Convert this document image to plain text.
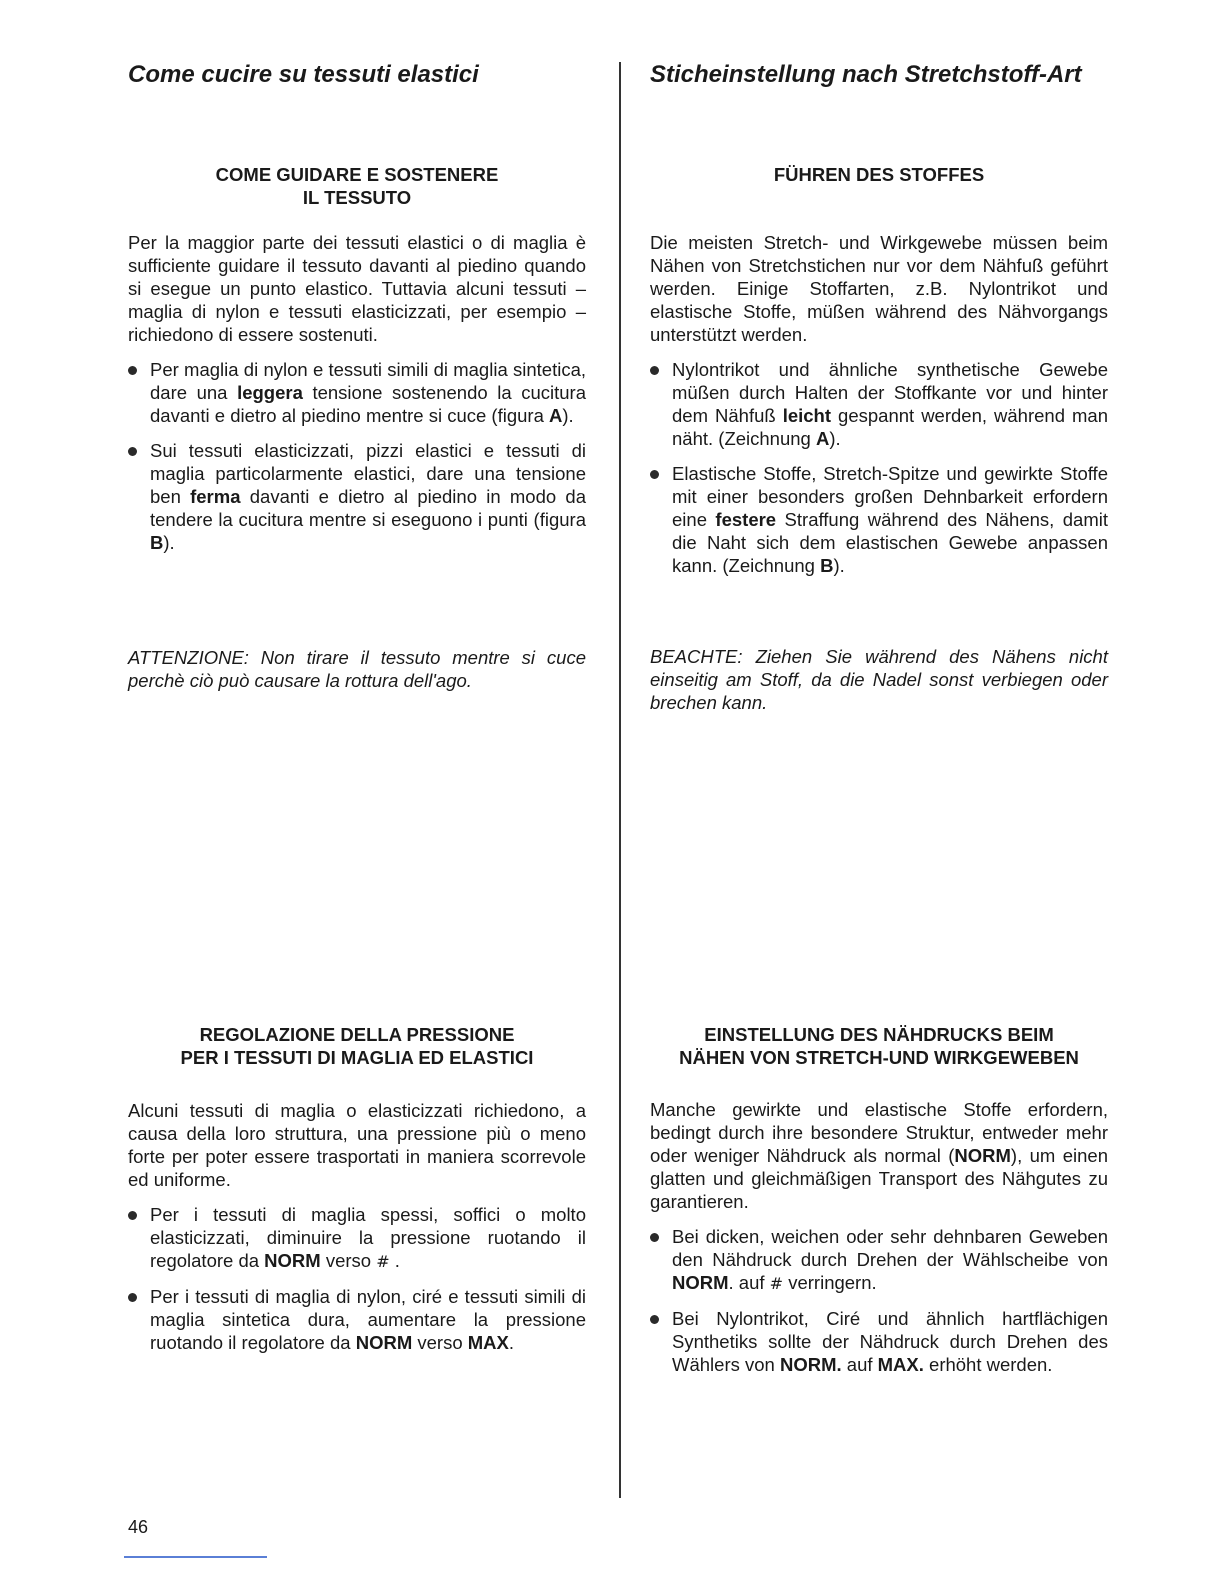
Come cucire su tessuti elastici
COME GUIDARE E SOSTENERE
IL TESSUTO

Per la maggior parte dei tessuti elastici o di maglia è sufficiente guidare il tessuto davanti al piedino quando si esegue un punto elastico. Tuttavia alcuni tessuti – maglia di nylon e tessuti elasticizzati, per esempio – richiedono di essere sostenuti.

Per maglia di nylon e tessuti simili di maglia sintetica, dare una leggera tensione sostenendo la cucitura davanti e dietro al piedino mentre si cuce (figura A).
Sui tessuti elasticizzati, pizzi elastici e tessuti di maglia particolarmente elastici, dare una tensione ben ferma davanti e dietro al piedino in modo da tendere la cucitura mentre si eseguono i punti (figura B).

ATTENZIONE: Non tirare il tessuto mentre si cuce perchè ciò può causare la rottura dell'ago.

REGOLAZIONE DELLA PRESSIONE
PER I TESSUTI DI MAGLIA ED ELASTICI

Alcuni tessuti di maglia o elasticizzati richiedono, a causa della loro struttura, una pressione più o meno forte per poter essere trasportati in maniera scorrevole ed uniforme.

Per i tessuti di maglia spessi, soffici o molto elasticizzati, diminuire la pressione ruotando il regolatore da NORM verso # .
Per i tessuti di maglia di nylon, ciré e tessuti simili di maglia sintetica dura, aumentare la pressione ruotando il regolatore da NORM verso MAX.
Sticheinstellung nach Stretchstoff-Art
FÜHREN DES STOFFES

Die meisten Stretch- und Wirkgewebe müssen beim Nähen von Stretchstichen nur vor dem Nähfuß geführt werden. Einige Stoffarten, z.B. Nylontrikot und elastische Stoffe, müßen während des Nähvorgangs unterstützt werden.

Nylontrikot und ähnliche synthetische Gewebe müßen durch Halten der Stoffkante vor und hinter dem Nähfuß leicht gespannt werden, während man näht. (Zeichnung A).
Elastische Stoffe, Stretch-Spitze und gewirkte Stoffe mit einer besonders großen Dehnbarkeit erfordern eine festere Straffung während des Nähens, damit die Naht sich dem elastischen Gewebe anpassen kann. (Zeichnung B).

BEACHTE: Ziehen Sie während des Nähens nicht einseitig am Stoff, da die Nadel sonst verbiegen oder brechen kann.

EINSTELLUNG DES NÄHDRUCKS BEIM
NÄHEN VON STRETCH-UND WIRKGEWEBEN

Manche gewirkte und elastische Stoffe erfordern, bedingt durch ihre besondere Struktur, entweder mehr oder weniger Nähdruck als normal (NORM), um einen glatten und gleichmäßigen Transport des Nähgutes zu garantieren.

Bei dicken, weichen oder sehr dehnbaren Geweben den Nähdruck durch Drehen der Wählscheibe von NORM. auf # verringern.
Bei Nylontrikot, Ciré und ähnlich hartflächigen Synthetiks sollte der Nähdruck durch Drehen des Wählers von NORM. auf MAX. erhöht werden.
46
